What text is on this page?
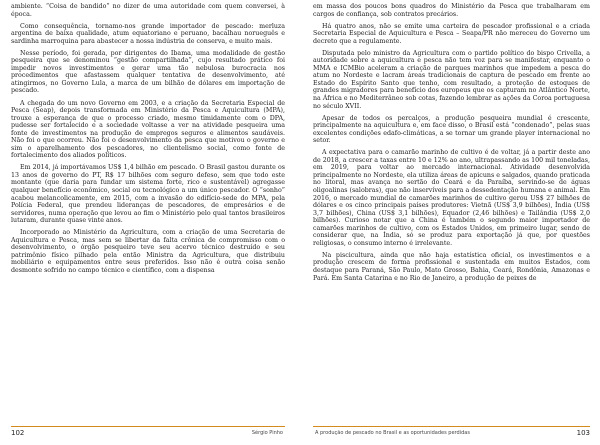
ambiente. “Coisa de bandido” no dizer de uma autoridade com quem conversei, à época.

Como consequência, tornamo-nos grande importador de pescado: merluza argentina de baixa qualidade, atum equatoriano e peruano, bacalhau norueguês e sardinha marroquina para abastecer a nossa indústria de conserva, e muito mais.

Nesse período, foi gerada, por dirigentes do Ibama, uma modalidade de gestão pesqueira que se denominou “gestão compartilhada”, cujo resultado prático foi impedir novos investimentos e gerar uma tão nebulosa burocracia nos procedimentos que afastassem qualquer tentativa de desenvolvimento, até atingirmos, no Governo Lula, a marca de um bilhão de dólares em importação de pescado.

A chegada do um novo Governo em 2003, e a criação da Secretaria Especial de Pesca (Seap), depois transformada em Ministério da Pesca e Aquicultura (MPA), trouxe a esperança de que o processo criado, mesmo timidamente com o DPA, pudesse ser fortalecido e a sociedade voltasse a ver na atividade pesqueira uma fonte de investimentos na produção de empregos seguros e alimentos saudáveis. Não foi o que ocorreu. Não foi o desenvolvimento da pesca que motivou o governo e sim o aparelhamento dos pescadores, no clientelismo social, como fonte de fortalecimento dos aliados políticos.

Em 2014, já importávamos US$ 1,4 bilhão em pescado. O Brasil gastou durante os 13 anos de governo do PT, R$ 17 bilhões com seguro defeso, sem que todo este montante (que daria para fundar um sistema forte, rico e sustentável) agregasse qualquer benefício econômico, social ou tecnológico a um único pescador. O “sonho” acabou melancolicamente, em 2015, com a invasão do edifício-sede do MPA, pela Polícia Federal, que prendeu lideranças de pescadores, de empresários e de servidores, numa operação que levou ao fim o Ministério pelo qual tantos brasileiros lutaram, durante quase vinte anos.

Incorporado ao Ministério da Agricultura, com a criação de uma Secretaria de Aquicultura e Pesca, mas sem se libertar da falta crônica de compromisso com o desenvolvimento, o órgão pesqueiro teve seu acervo técnico destruído e seu patrimônio físico pilhado pela então Ministra da Agricultura, que distribuiu mobiliário e equipamentos entre seus preferidos. Isso não é outra coisa senão desmonte sofrido no campo técnico e científico, com a dispensa

em massa dos poucos bons quadros do Ministério da Pesca que trabalharam em cargos de confiança, sob contratos precários.

Há quatro anos, não se emite uma carteira de pescador profissional e a criada Secretaria Especial de Aquicultura e Pesca – Seapa/PR não mereceu do Governo um decreto que a regulamente.

Disputada pelo ministro da Agricultura com o partido político do bispo Crivella, a autoridade sobre a aquicultura e pesca não tem voz para se manifestar, enquanto o MMA e ICMBio aceleram a criação de parques marinhos que impedem a pesca do atum no Nordeste e lacram áreas tradicionais de captura de pescado em frente ao Estado do Espírito Santo que tenho, com resultado, a proteção de estoques de grandes migradores para benefício dos europeus que os capturam no Atlântico Norte, na África e no Mediterrâneo sob cotas, fazendo lembrar as ações da Coroa portuguesa no século XVII.

Apesar de todos os percalços, a produção pesqueira mundial é crescente, principalmente na aquicultura e, em face disso, o Brasil está “condenado”, pelas suas excelentes condições edafo-climáticas, a se tornar um grande player internacional no setor.

A expectativa para o camarão marinho de cultivo é de voltar, já a partir deste ano de 2018, a crescer a taxas entre 10 e 12% ao ano, ultrapassando as 100 mil toneladas, em 2019, para voltar ao mercado internacional. Atividade desenvolvida principalmente no Nordeste, ela utiliza áreas de apicuns e salgados, quando praticada no litoral, mas avança no sertão do Ceará e da Paraíba, servindo-se de águas oligoalinas (salobras), que não inservíveis para a dessedentação humana e animal. Em 2016, o mercado mundial de camarões marinhos de cultivo gerou US$ 27 bilhões de dólares e os cinco principais países produtores: Vietnã (US$ 3,9 bilhões), Índia (US$ 3,7 bilhões), China (US$ 3,1 bilhões), Equador (2,46 bilhões) e Tailândia (US$ 2,0 bilhões). Curioso notar que a China é também o segundo maior importador de camarões marinhos de cultivo, com os Estados Unidos, em primeiro lugar, sendo de considerar que, na Índia, só se produz para exportação já que, por questões religiosas, o consumo interno é irrelevante.

Na piscicultura, ainda que não haja estatística oficial, os investimentos e a produção crescem de forma profissional e sustentada em muitos Estados, com destaque para Paraná, São Paulo, Mato Grosso, Bahia, Ceará, Rondônia, Amazonas e Pará. Em Santa Catarina e no Rio de Janeiro, a produção de peixes de

102	Sérgio Pinho	A produção de pescado no Brasil e as oportunidades perdidas	103
